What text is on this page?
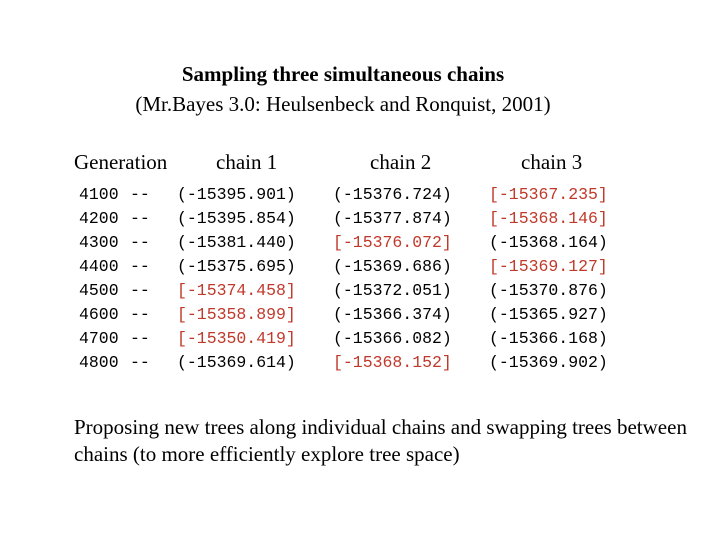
Sampling three simultaneous chains
(Mr.Bayes 3.0: Heulsenbeck and Ronquist, 2001)
Generation chain 1	chain 2	chain 3

4100

--

(-15395.901)

(-15376.724)

[-15367.235]

4200

--

(-15395.854)

(-15377.874)

[-15368.146]

4300

--

(-15381.440)

[-15376.072]

(-15368.164)

4400

--

(-15375.695)

(-15369.686)

[-15369.127]

4500

--

[-15374.458]

(-15372.051)

(-15370.876)

4600

--

[-15358.899]

(-15366.374)

(-15365.927)

4700

--

[-15350.419]

(-15366.082)

(-15366.168)

4800

--

(-15369.614)

[-15368.152]

(-15369.902)

Proposing new trees along individual chains and swapping trees between chains (to more efficiently explore tree space)
